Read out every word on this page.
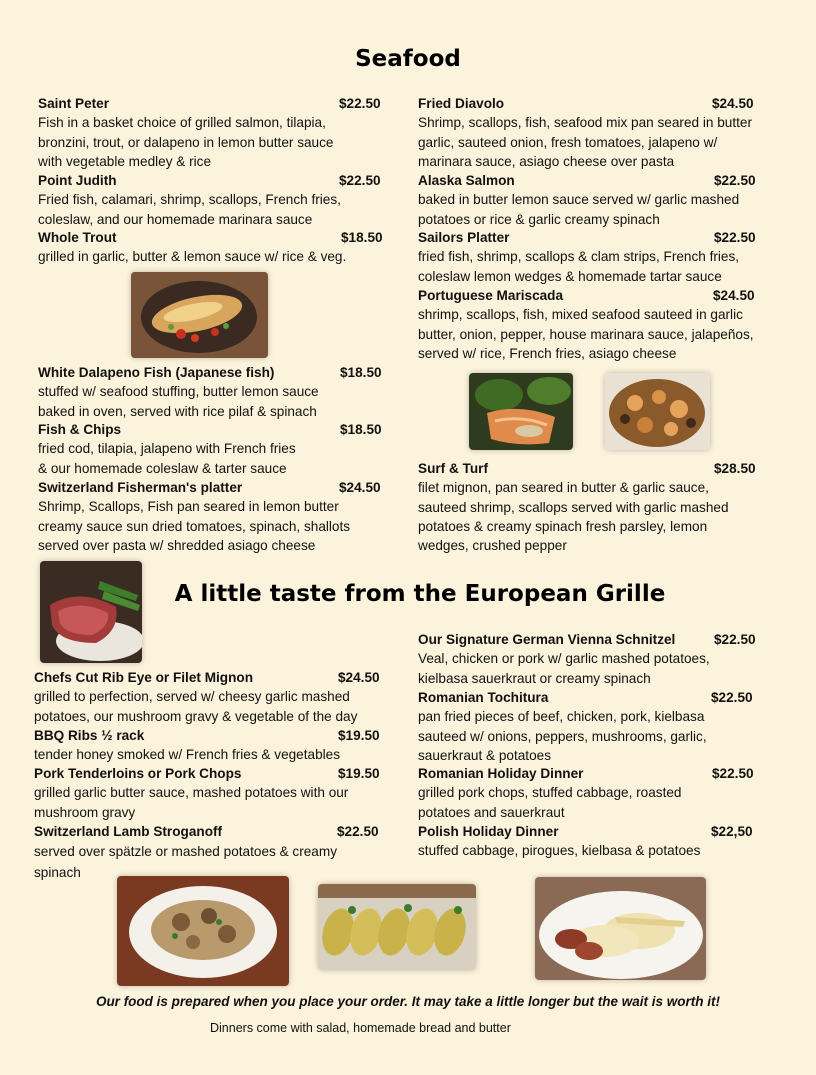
Seafood
Saint Peter	$22.50
Fish in a basket choice of grilled salmon, tilapia,
bronzini, trout, or dalapeno in lemon butter sauce
with vegetable medley & rice
Point Judith	$22.50
Fried fish, calamari, shrimp, scallops, French fries,
coleslaw, and our homemade marinara sauce
Whole Trout	$18.50
grilled in garlic, butter & lemon sauce w/ rice & veg.
White Dalapeno Fish (Japanese fish)	$18.50
stuffed w/ seafood stuffing, butter lemon sauce
baked in oven, served with rice pilaf & spinach
Fish & Chips	$18.50
fried cod, tilapia, jalapeno with French fries
& our homemade coleslaw & tarter sauce
Switzerland Fisherman's platter	$24.50
Shrimp, Scallops, Fish pan seared in lemon butter
creamy sauce sun dried tomatoes, spinach, shallots
served over pasta w/ shredded asiago cheese
Fried Diavolo	$24.50
Shrimp, scallops, fish, seafood mix pan seared in butter
garlic, sauteed onion, fresh tomatoes, jalapeno w/
marinara sauce, asiago cheese over pasta
Alaska Salmon	$22.50
baked in butter lemon sauce served w/ garlic mashed
potatoes or rice & garlic creamy spinach
Sailors Platter	$22.50
fried fish, shrimp, scallops & clam strips, French fries,
coleslaw lemon wedges & homemade tartar sauce
Portuguese Mariscada	$24.50
shrimp, scallops, fish, mixed seafood sauteed in garlic
butter, onion, pepper, house marinara sauce, jalapeños,
served w/ rice, French fries, asiago cheese
Surf & Turf	$28.50
filet mignon, pan seared in butter & garlic sauce,
sauteed shrimp, scallops served with garlic mashed
potatoes & creamy spinach fresh parsley, lemon
wedges, crushed pepper
A little taste from the European Grille
Chefs Cut Rib Eye or Filet Mignon	$24.50
grilled to perfection, served w/ cheesy garlic mashed
potatoes, our mushroom gravy & vegetable of the day
BBQ Ribs ½ rack	$19.50
tender honey smoked w/ French fries & vegetables
Pork Tenderloins or Pork Chops	$19.50
grilled garlic butter sauce, mashed potatoes with our
mushroom gravy
Switzerland Lamb Stroganoff	$22.50
served over spätzle or mashed potatoes & creamy
spinach
Our Signature German Vienna Schnitzel	$22.50
Veal, chicken or pork w/ garlic mashed potatoes,
kielbasa sauerkraut or creamy spinach
Romanian Tochitura	$22.50
pan fried pieces of beef, chicken, pork, kielbasa
sauteed w/ onions, peppers, mushrooms, garlic,
sauerkraut & potatoes
Romanian Holiday Dinner	$22.50
grilled pork chops, stuffed cabbage, roasted
potatoes and sauerkraut
Polish Holiday Dinner	$22,50
stuffed cabbage, pirogues, kielbasa & potatoes
Our food is prepared when you place your order. It may take a little longer but the wait is worth it!
Dinners come with salad, homemade bread and butter
